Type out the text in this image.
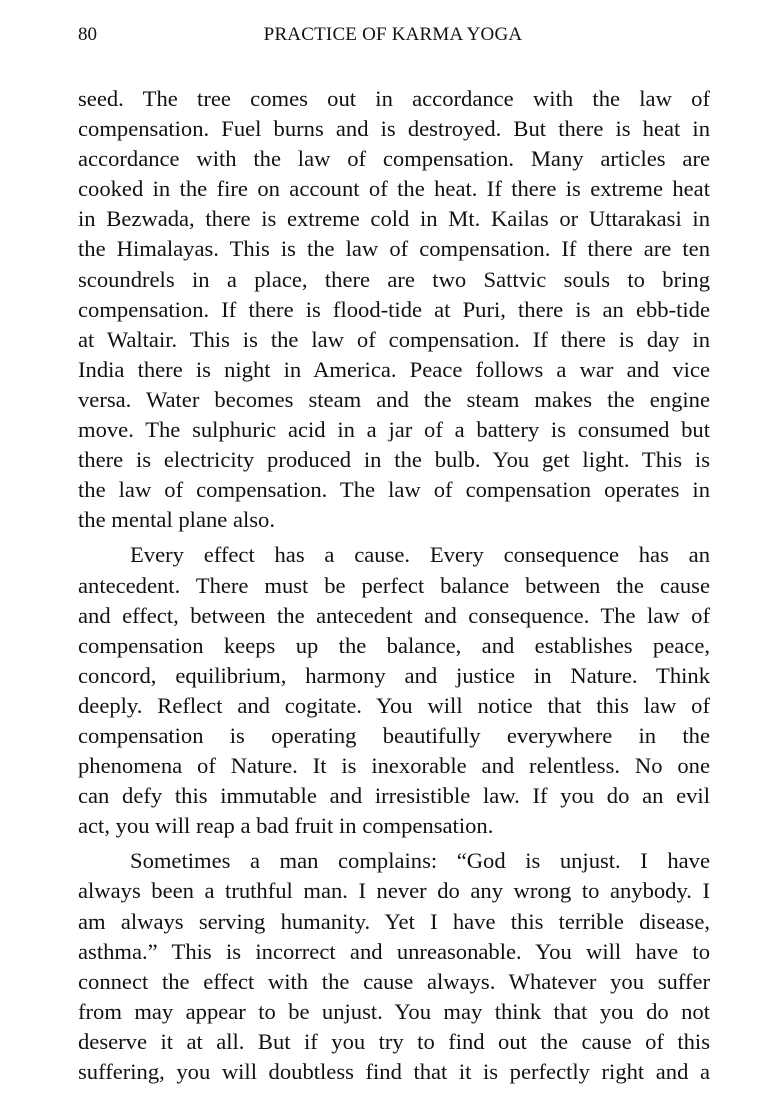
80	PRACTICE OF KARMA YOGA
seed. The tree comes out in accordance with the law of
compensation. Fuel burns and is destroyed. But there is heat in
accordance with the law of compensation. Many articles are
cooked in the fire on account of the heat. If there is extreme heat
in Bezwada, there is extreme cold in Mt. Kailas or Uttarakasi in
the Himalayas. This is the law of compensation. If there are ten
scoundrels in a place, there are two Sattvic souls to bring
compensation. If there is flood-tide at Puri, there is an ebb-tide
at Waltair. This is the law of compensation. If there is day in
India there is night in America. Peace follows a war and vice
versa. Water becomes steam and the steam makes the engine
move. The sulphuric acid in a jar of a battery is consumed but
there is electricity produced in the bulb. You get light. This is
the law of compensation. The law of compensation operates in
the mental plane also.
Every effect has a cause. Every consequence has an
antecedent. There must be perfect balance between the cause
and effect, between the antecedent and consequence. The law of
compensation keeps up the balance, and establishes peace,
concord, equilibrium, harmony and justice in Nature. Think
deeply. Reflect and cogitate. You will notice that this law of
compensation is operating beautifully everywhere in the
phenomena of Nature. It is inexorable and relentless. No one
can defy this immutable and irresistible law. If you do an evil
act, you will reap a bad fruit in compensation.
Sometimes a man complains: “God is unjust. I have
always been a truthful man. I never do any wrong to anybody. I
am always serving humanity. Yet I have this terrible disease,
asthma.” This is incorrect and unreasonable. You will have to
connect the effect with the cause always. Whatever you suffer
from may appear to be unjust. You may think that you do not
deserve it at all. But if you try to find out the cause of this
suffering, you will doubtless find that it is perfectly right and a
